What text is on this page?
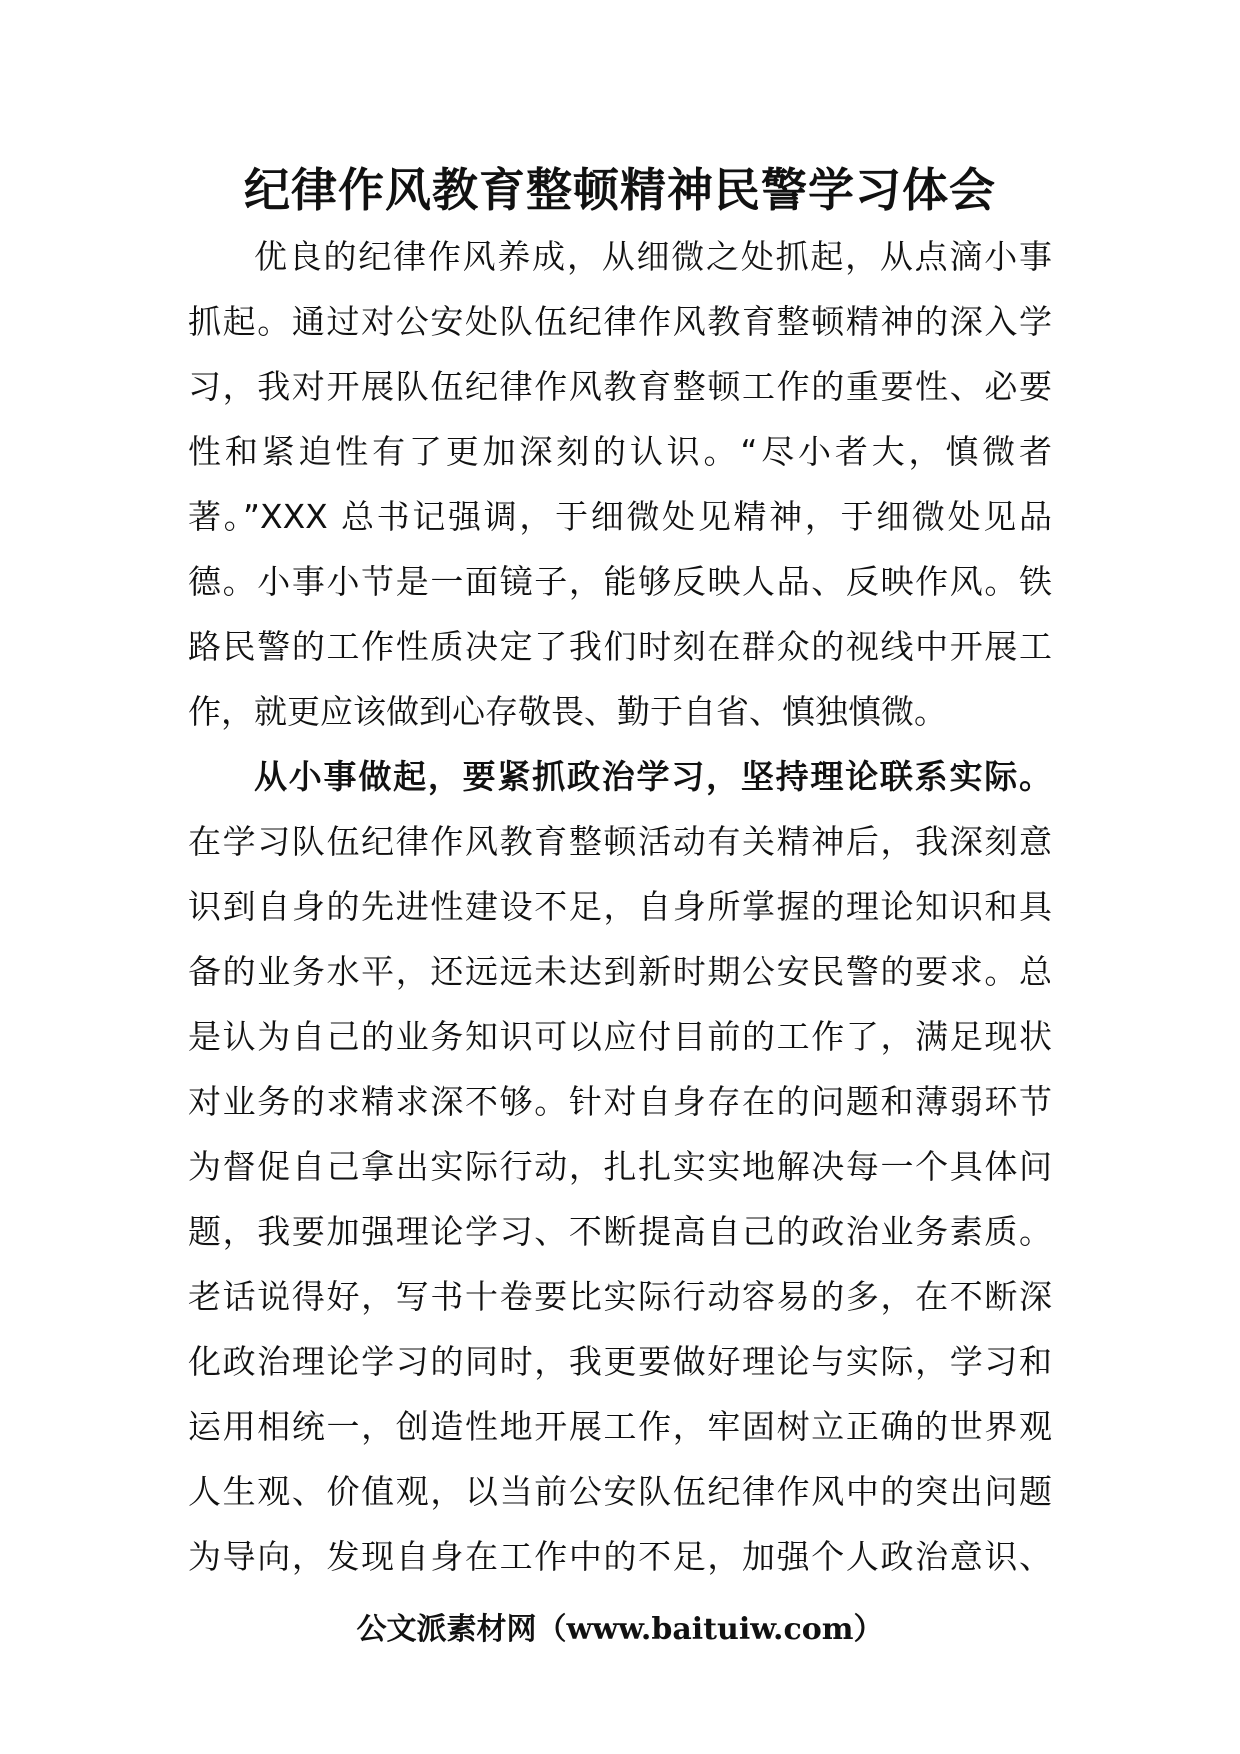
纪律作风教育整顿精神民警学习体会
优良的纪律作风养成，从细微之处抓起，从点滴小事
抓起。通过对公安处队伍纪律作风教育整顿精神的深入学
习，我对开展队伍纪律作风教育整顿工作的重要性、必要
性和紧迫性有了更加深刻的认识。“尽小者大，慎微者
著。”XXX 总书记强调，于细微处见精神，于细微处见品
德。小事小节是一面镜子，能够反映人品、反映作风。铁
路民警的工作性质决定了我们时刻在群众的视线中开展工
作，就更应该做到心存敬畏、勤于自省、慎独慎微。
从小事做起，要紧抓政治学习，坚持理论联系实际。
在学习队伍纪律作风教育整顿活动有关精神后，我深刻意
识到自身的先进性建设不足，自身所掌握的理论知识和具
备的业务水平，还远远未达到新时期公安民警的要求。总
是认为自己的业务知识可以应付目前的工作了，满足现状
对业务的求精求深不够。针对自身存在的问题和薄弱环节
为督促自己拿出实际行动，扎扎实实地解决每一个具体问
题，我要加强理论学习、不断提高自己的政治业务素质。
老话说得好，写书十卷要比实际行动容易的多，在不断深
化政治理论学习的同时，我更要做好理论与实际，学习和
运用相统一，创造性地开展工作，牢固树立正确的世界观
人生观、价值观，以当前公安队伍纪律作风中的突出问题
为导向，发现自身在工作中的不足，加强个人政治意识、
公文派素材网（www.baituiw.com）
